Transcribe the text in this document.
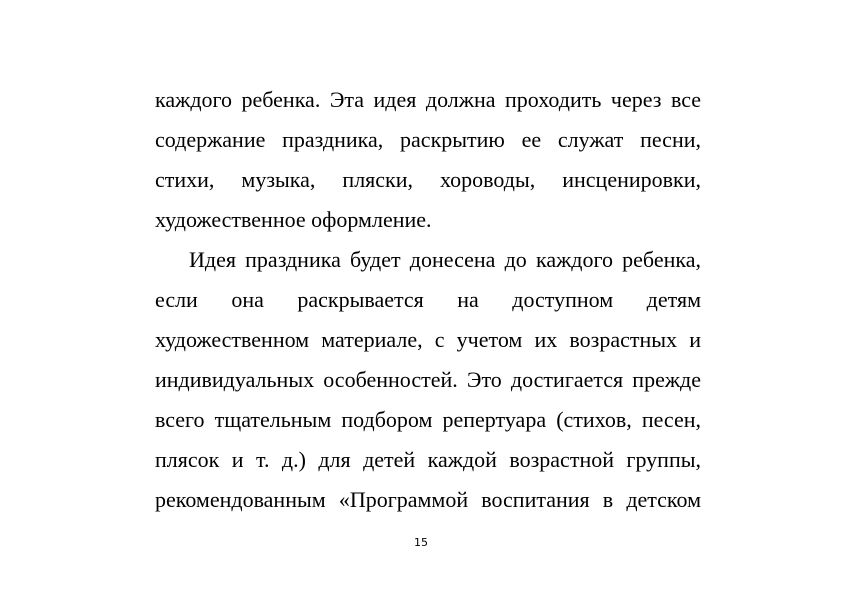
каждого ребенка. Эта идея должна проходить через все
содержание праздника, раскрытию ее служат песни,
стихи, музыка, пляски, хороводы, инсценировки,
художественное оформление.
Идея праздника будет донесена до каждого ребенка,
если она раскрывается на доступном детям
художественном материале, с учетом их возрастных и
индивидуальных особенностей. Это достигается прежде
всего тщательным подбором репертуара (стихов, песен,
плясок и т. д.) для детей каждой возрастной группы,
рекомендованным «Программой воспитания в детском
15
